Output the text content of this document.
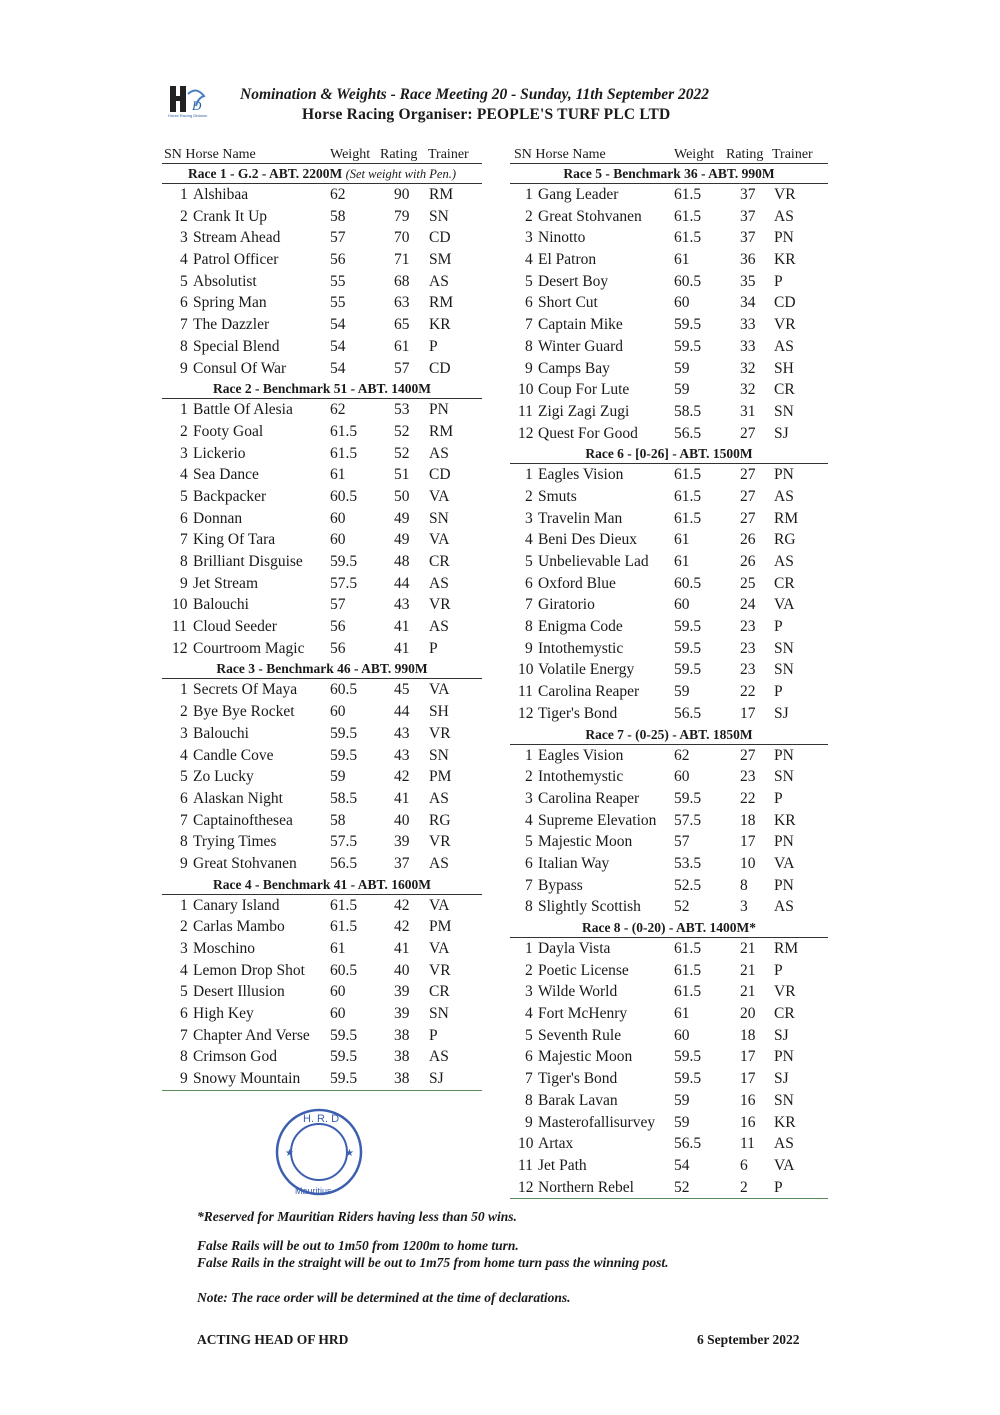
D
Horse Racing Division
Nomination & Weights - Race Meeting 20 - Sunday, 11th September 2022
Horse Racing Organiser: PEOPLE'S TURF PLC LTD
SN Horse Name	Weight Rating Trainer
Race 1 - G.2 - ABT. 2200M (Set weight with Pen.)
1 Alshibaa	62	90 RM
2 Crank It Up	58	79 SN
3 Stream Ahead	57	70 CD
4 Patrol Officer	56	71 SM
5 Absolutist	55	68 AS
6 Spring Man	55	63 RM
7 The Dazzler	54	65 KR
8 Special Blend	54	61 P
9 Consul Of War	54	57 CD
Race 2 - Benchmark 51 - ABT. 1400M
1 Battle Of Alesia 62	53 PN
2 Footy Goal	61.5 52 RM
3 Lickerio	61.5 52 AS
4 Sea Dance	61	51 CD
5 Backpacker	60.5 50 VA
6 Donnan	60	49 SN
7 King Of Tara	60	49 VA
8 Brilliant Disguise 59.5 48 CR
9 Jet Stream	57.5 44 AS
10 Balouchi	57	43 VR
11 Cloud Seeder	56	41 AS
12 Courtroom Magic 56	41 P
Race 3 - Benchmark 46 - ABT. 990M
1 Secrets Of Maya 60.5 45 VA
2 Bye Bye Rocket 60	44 SH
3 Balouchi	59.5 43 VR
4 Candle Cove	59.5 43 SN
5 Zo Lucky	59	42 PM
6 Alaskan Night	58.5 41 AS
7 Captainofthesea 58	40 RG
8 Trying Times	57.5 39 VR
9 Great Stohvanen 56.5 37 AS
Race 4 - Benchmark 41 - ABT. 1600M
1 Canary Island	61.5 42 VA
2 Carlas Mambo	61.5 42 PM
3 Moschino	61	41 VA
4 Lemon Drop Shot 60.5 40 VR
5 Desert Illusion	60	39 CR
6 High Key	60	39 SN
7 Chapter And Verse 59.5 38 P
8 Crimson God	59.5 38 AS
9 Snowy Mountain 59.5 38 SJ
SN Horse Name	Weight Rating Trainer
Race 5 - Benchmark 36 - ABT. 990M
1 Gang Leader	61.5	37 VR
2 Great Stohvanen 61.5	37 AS
3 Ninotto	61.5	37 PN
4 El Patron	61	36 KR
5 Desert Boy	60.5	35 P
6 Short Cut	60	34 CD
7 Captain Mike	59.5	33 VR
8 Winter Guard	59.5	33 AS
9 Camps Bay	59	32 SH
10 Coup For Lute	59	32 CR
11 Zigi Zagi Zugi	58.5	31 SN
12 Quest For Good 56.5	27 SJ
Race 6 - [0-26] - ABT. 1500M
1 Eagles Vision	61.5	27 PN
2 Smuts	61.5	27 AS
3 Travelin Man	61.5	27 RM
4 Beni Des Dieux 61	26 RG
5 Unbelievable Lad 61	26 AS
6 Oxford Blue	60.5	25 CR
7 Giratorio	60	24 VA
8 Enigma Code	59.5	23 P
9 Intothemystic	59.5	23 SN
10 Volatile Energy	59.5	23 SN
11 Carolina Reaper 59	22 P
12 Tiger's Bond	56.5	17 SJ
Race 7 - (0-25) - ABT. 1850M
1 Eagles Vision	62	27 PN
2 Intothemystic	60	23 SN
3 Carolina Reaper 59.5	22 P
4 Supreme Elevation 57.5	18 KR
5 Majestic Moon	57	17 PN
6 Italian Way	53.5	10 VA
7 Bypass	52.5	8 PN
8 Slightly Scottish 52	3 AS
Race 8 - (0-20) - ABT. 1400M*
1 Dayla Vista	61.5	21 RM
2 Poetic License	61.5	21 P
3 Wilde World	61.5	21 VR
4 Fort McHenry	61	20 CR
5 Seventh Rule	60	18 SJ
6 Majestic Moon	59.5	17 PN
7 Tiger's Bond	59.5	17 SJ
8 Barak Lavan	59	16 SN
9 Masterofallisurvey 59	16 KR
10 Artax	56.5	11 AS
11 Jet Path	54	6 VA
12 Northern Rebel	52	2 P
★	★
H. R. D
Mauritius
*Reserved for Mauritian Riders having less than 50 wins.
False Rails will be out to 1m50 from 1200m to home turn.
False Rails in the straight will be out to 1m75 from home turn pass the winning post.
Note: The race order will be determined at the time of declarations.
ACTING HEAD OF HRD	6 September 2022
